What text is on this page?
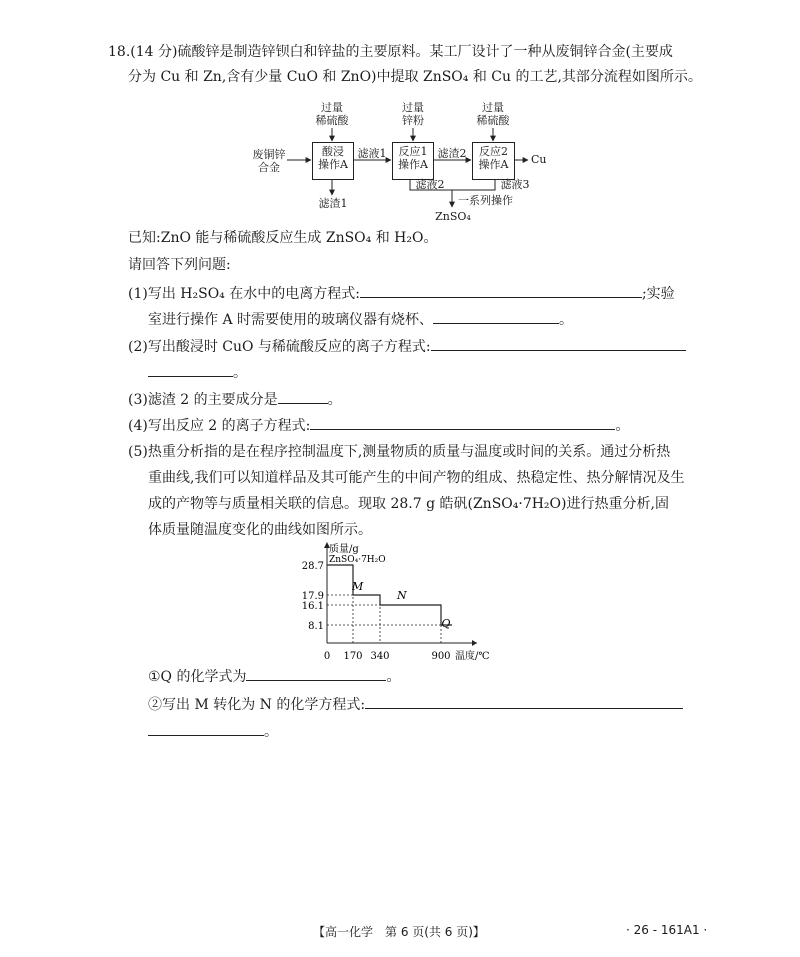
18.(14 分)硫酸锌是制造锌钡白和锌盐的主要原料。某工厂设计了一种从废铜锌合金(主要成
分为 Cu 和 Zn,含有少量 CuO 和 ZnO)中提取 ZnSO₄ 和 Cu 的工艺,其部分流程如图所示。
废铜锌合金
过量
稀硫酸
过量
锌粉
过量
稀硫酸
酸浸
操作A
反应1
操作A
反应2
操作A
滤液1	滤渣2	Cu
滤渣1
滤液2	滤液3
一系列操作
ZnSO₄
已知:ZnO 能与稀硫酸反应生成 ZnSO₄ 和 H₂O。
请回答下列问题:
(1)写出 H₂SO₄ 在水中的电离方程式:	;实验
室进行操作 A 时需要使用的玻璃仪器有烧杯、	。
(2)写出酸浸时 CuO 与稀硫酸反应的离子方程式:
。
(3)滤渣 2 的主要成分是	。
(4)写出反应 2 的离子方程式:	。
(5)热重分析指的是在程序控制温度下,测量物质的质量与温度或时间的关系。通过分析热
重曲线,我们可以知道样品及其可能产生的中间产物的组成、热稳定性、热分解情况及生
成的产物等与质量相关联的信息。现取 28.7 g 皓矾(ZnSO₄·7H₂O)进行热重分析,固
体质量随温度变化的曲线如图所示。
质量/g
温度/℃
28.7
17.9
16.1
8.1
0 170 340	900
ZnSO₄·7H₂O
M
N
Q
①Q 的化学式为	。
②写出 M 转化为 N 的化学方程式:
。
【高一化学　第 6 页(共 6 页)】	· 26 - 161A1 ·
